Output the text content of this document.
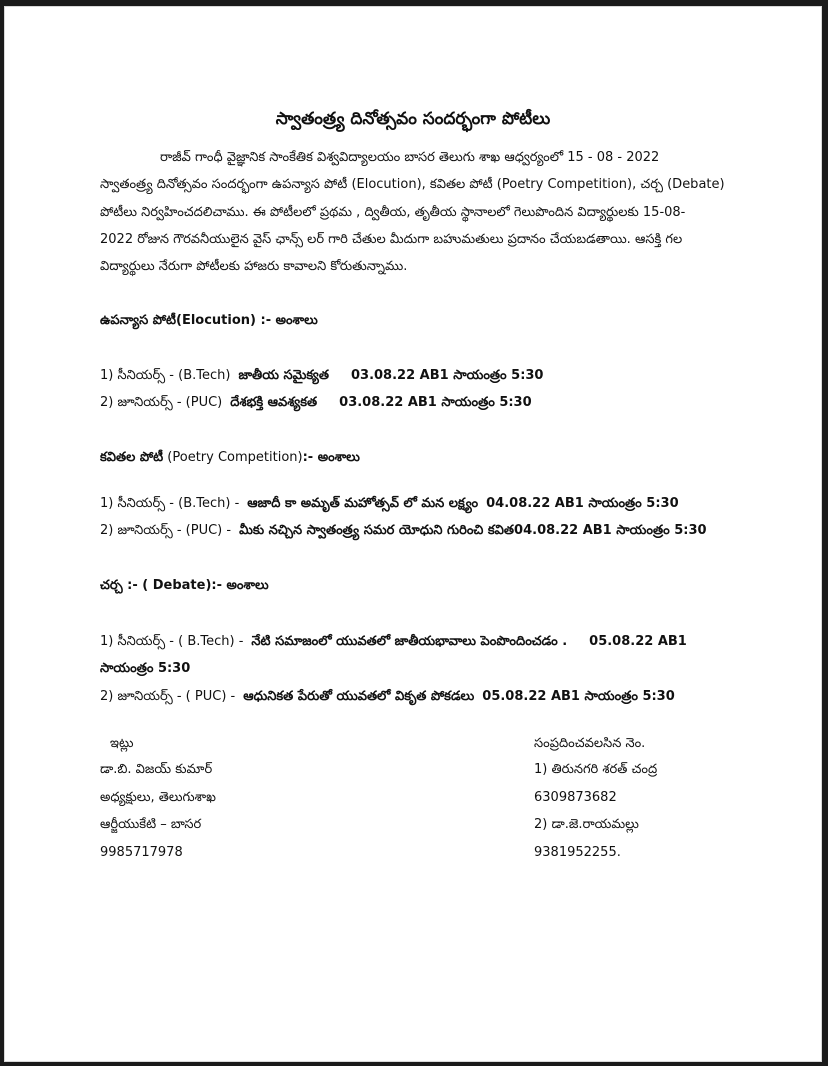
స్వాతంత్ర్య దినోత్సవం సందర్భంగా పోటీలు
రాజీవ్ గాంధీ వైజ్ఞానిక సాంకేతిక విశ్వవిద్యాలయం బాసర తెలుగు శాఖ ఆధ్వర్యంలో 15 - 08 - 2022
స్వాతంత్ర్య దినోత్సవం సందర్భంగా ఉపన్యాస పోటీ (Elocution), కవితల పోటీ (Poetry Competition), చర్చ (Debate)
పోటీలు నిర్వహించదలిచాము. ఈ పోటీలలో ప్రథమ , ద్వితీయ, తృతీయ స్థానాలలో గెలుపొందిన విద్యార్థులకు 15-08-
2022 రోజున గౌరవనీయులైన వైస్ ఛాన్స్ లర్ గారి చేతుల మీదుగా బహుమతులు ప్రదానం చేయబడతాయి. ఆసక్తి గల
విద్యార్థులు నేరుగా పోటీలకు హాజరు కావాలని కోరుతున్నాము.
ఉపన్యాస పోటీ(Elocution) :- అంశాలు
1) సీనియర్స్ - (B.Tech) జాతీయ సమైక్యత 03.08.22 AB1 సాయంత్రం 5:30
2) జూనియర్స్ - (PUC) దేశభక్తి ఆవశ్యకత 03.08.22 AB1 సాయంత్రం 5:30
కవితల పోటీ (Poetry Competition):- అంశాలు
1) సీనియర్స్ - (B.Tech) - ఆజాదీ కా అమృత్ మహోత్సవ్ లో మన లక్ష్యం 04.08.22 AB1 సాయంత్రం 5:30
2) జూనియర్స్ - (PUC) - మీకు నచ్చిన స్వాతంత్ర్య సమర యోధుని గురించి కవిత04.08.22 AB1 సాయంత్రం 5:30
చర్చ :- ( Debate):- అంశాలు
1) సీనియర్స్ - ( B.Tech) - నేటి సమాజంలో యువతలో జాతీయభావాలు పెంపొందించడం . 05.08.22 AB1
సాయంత్రం 5:30
2) జూనియర్స్ - ( PUC) - ఆధునికత పేరుతో యువతలో వికృత పోకడలు 05.08.22 AB1 సాయంత్రం 5:30
ఇట్లు
డా.బి. విజయ్ కుమార్
అధ్యక్షులు, తెలుగుశాఖ
ఆర్జీయుకేటి – బాసర
9985717978
సంప్రదించవలసిన నెం.
1) తిరునగరి శరత్ చంద్ర
6309873682
2) డా.జె.రాయమల్లు
9381952255.
